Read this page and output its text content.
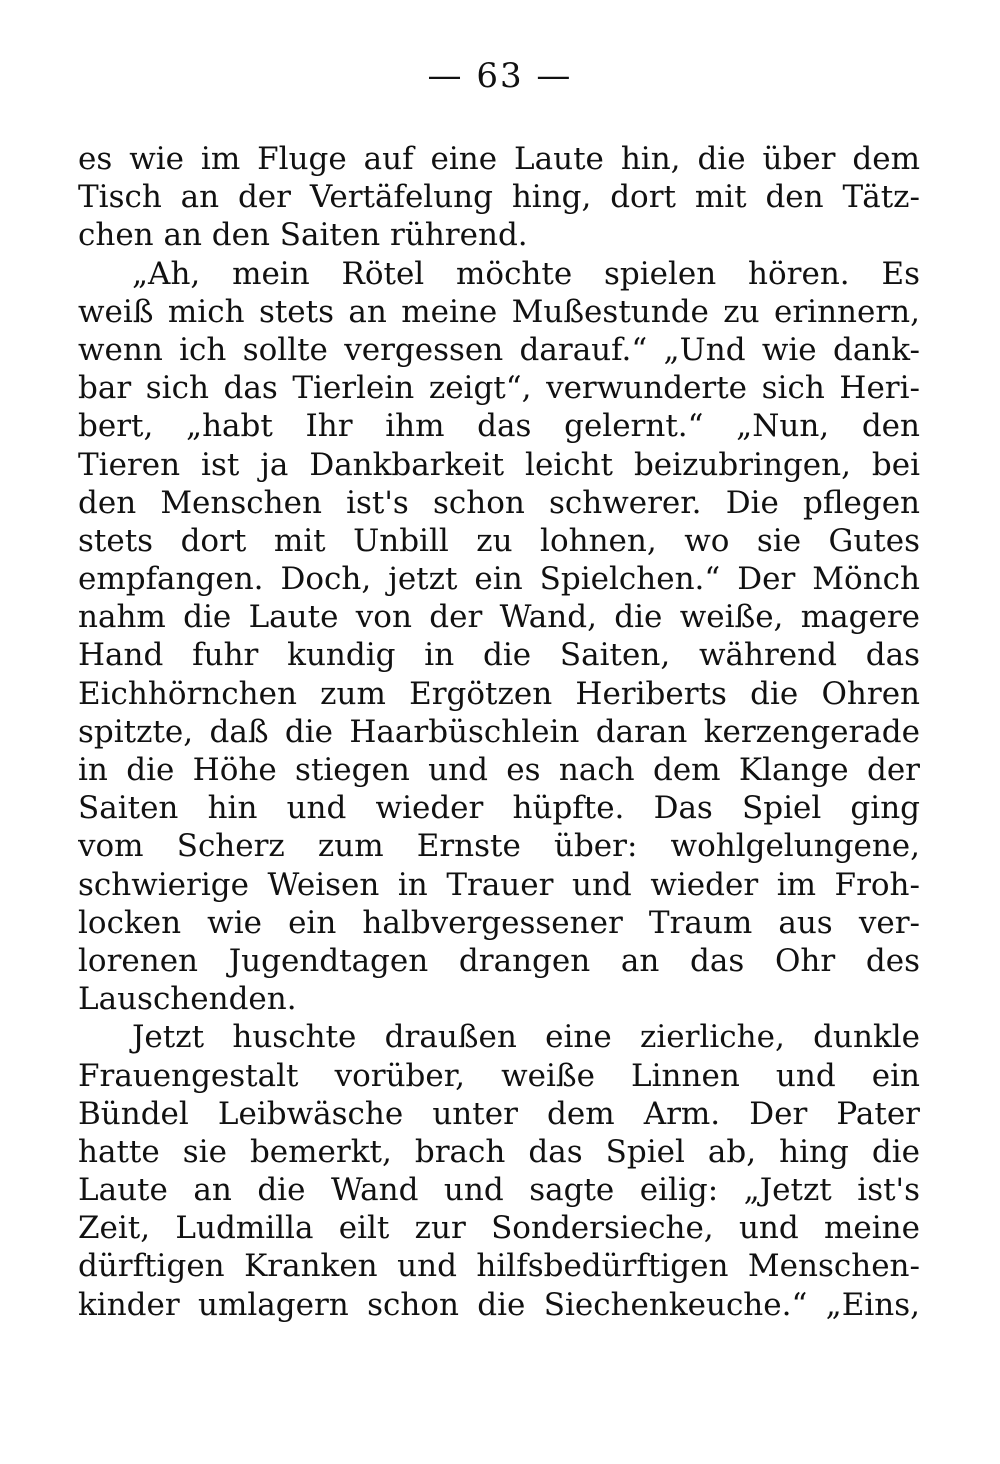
— 63 —
es wie im Fluge auf eine Laute hin, die über dem
Tisch an der Vertäfelung hing, dort mit den Tätz-
chen an den Saiten rührend.
„Ah, mein Rötel möchte spielen hören. Es
weiß mich stets an meine Mußestunde zu erinnern,
wenn ich sollte vergessen darauf.“ „Und wie dank-
bar sich das Tierlein zeigt“, verwunderte sich Heri-
bert, „habt Ihr ihm das gelernt.“ „Nun, den
Tieren ist ja Dankbarkeit leicht beizubringen, bei
den Menschen ist's schon schwerer. Die pflegen
stets dort mit Unbill zu lohnen, wo sie Gutes
empfangen. Doch, jetzt ein Spielchen.“ Der Mönch
nahm die Laute von der Wand, die weiße, magere
Hand fuhr kundig in die Saiten, während das
Eichhörnchen zum Ergötzen Heriberts die Ohren
spitzte, daß die Haarbüschlein daran kerzengerade
in die Höhe stiegen und es nach dem Klange der
Saiten hin und wieder hüpfte. Das Spiel ging
vom Scherz zum Ernste über: wohlgelungene,
schwierige Weisen in Trauer und wieder im Froh-
locken wie ein halbvergessener Traum aus ver-
lorenen Jugendtagen drangen an das Ohr des
Lauschenden.
Jetzt huschte draußen eine zierliche, dunkle
Frauengestalt vorüber, weiße Linnen und ein
Bündel Leibwäsche unter dem Arm. Der Pater
hatte sie bemerkt, brach das Spiel ab, hing die
Laute an die Wand und sagte eilig: „Jetzt ist's
Zeit, Ludmilla eilt zur Sondersieche, und meine
dürftigen Kranken und hilfsbedürftigen Menschen-
kinder umlagern schon die Siechenkeuche.“ „Eins,
